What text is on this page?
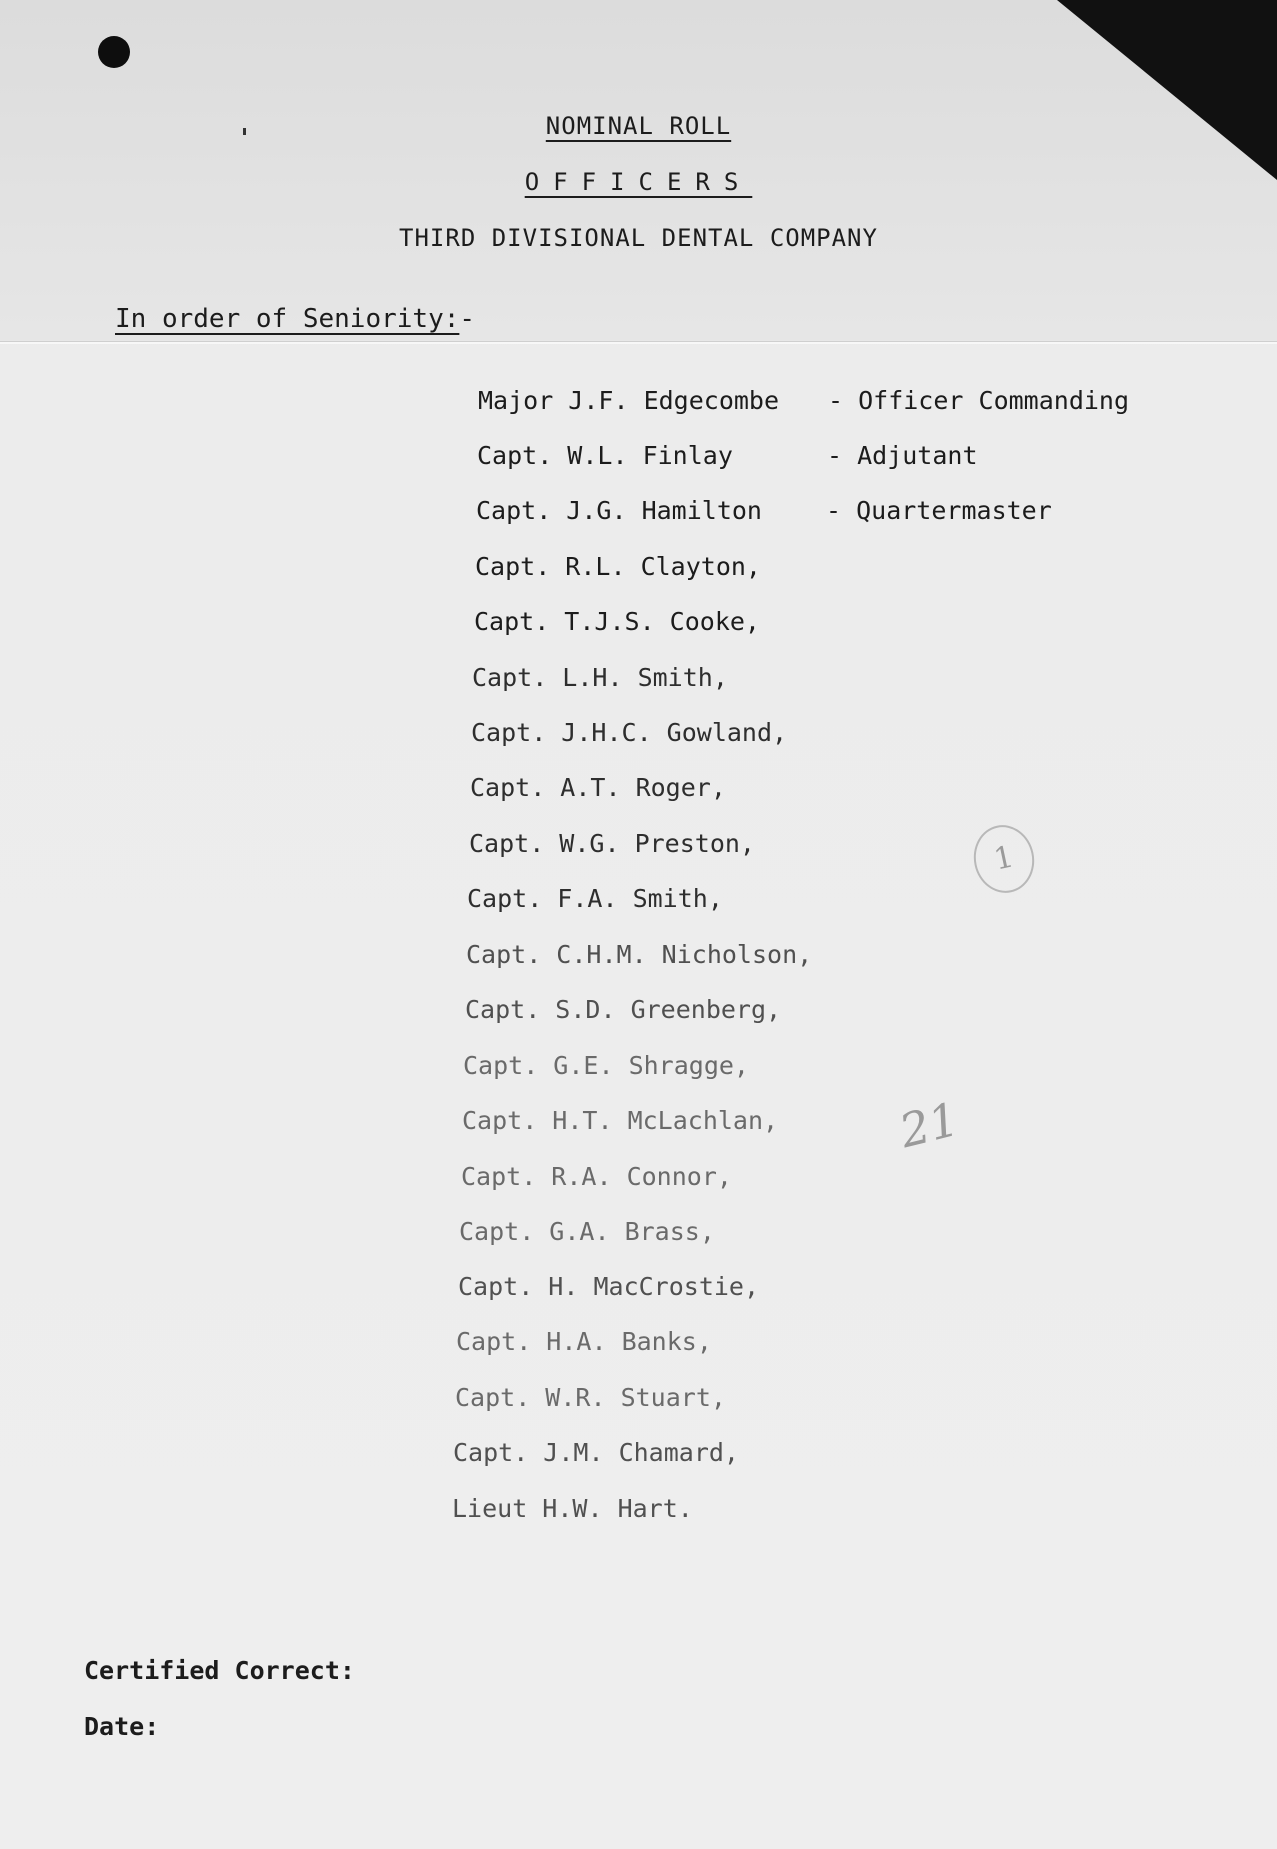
NOMINAL ROLL
OFFICERS
THIRD DIVISIONAL DENTAL COMPANY
In order of Seniority:-
Major J.F. Edgecombe - Officer Commanding
Capt. W.L. Finlay	- Adjutant
Capt. J.G. Hamilton	- Quartermaster
Capt. R.L. Clayton,
Capt. T.J.S. Cooke,
Capt. L.H. Smith,
Capt. J.H.C. Gowland,
Capt. A.T. Roger,
Capt. W.G. Preston,
Capt. F.A. Smith,
Capt. C.H.M. Nicholson,
Capt. S.D. Greenberg,
Capt. G.E. Shragge,
Capt. H.T. McLachlan,
Capt. R.A. Connor,
Capt. G.A. Brass,
Capt. H. MacCrostie,
Capt. H.A. Banks,
Capt. W.R. Stuart,
Capt. J.M. Chamard,
Lieut H.W. Hart.
1
21
Certified Correct:
Date:
